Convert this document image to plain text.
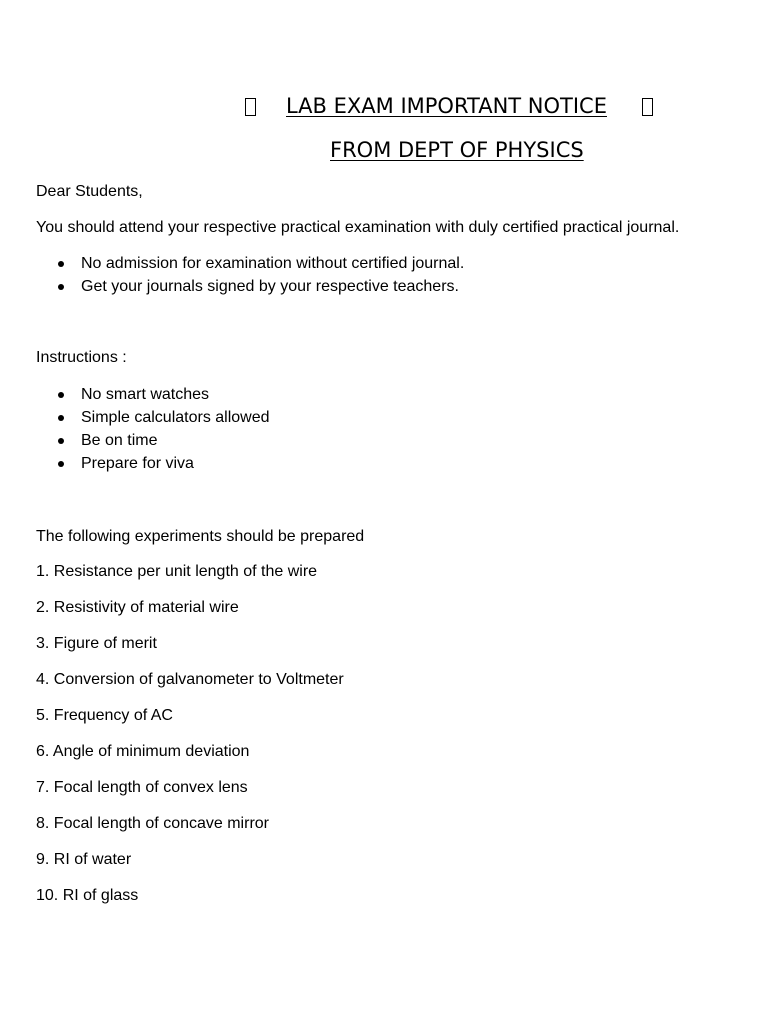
LAB EXAM IMPORTANT NOTICE
FROM DEPT OF PHYSICS
Dear Students,
You should attend your respective practical examination with duly certified practical journal.
No admission for examination without certified journal.
Get your journals signed by your respective teachers.
Instructions :
No smart watches
Simple calculators allowed
Be on time
Prepare for viva
The following experiments should be prepared
1. Resistance per unit length of the wire
2. Resistivity of material wire
3. Figure of merit
4. Conversion of galvanometer to Voltmeter
5. Frequency of AC
6. Angle of minimum deviation
7. Focal length of convex lens
8. Focal length of concave mirror
9. RI of water
10. RI of glass
